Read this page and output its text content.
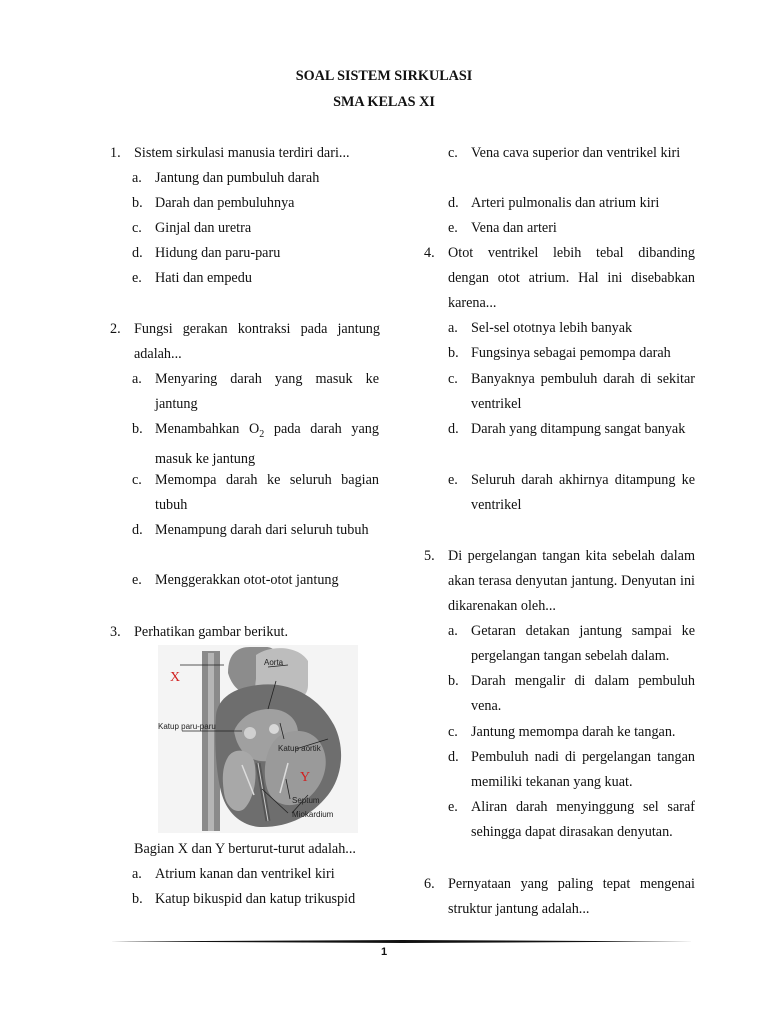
SOAL SISTEM SIRKULASI
SMA KELAS XI
1. Sistem sirkulasi manusia terdiri dari...
a. Jantung dan pumbuluh darah
b. Darah dan pembuluhnya
c. Ginjal dan uretra
d. Hidung dan paru-paru
e. Hati dan empedu
2. Fungsi gerakan kontraksi pada jantung adalah...
a. Menyaring darah yang masuk ke jantung
b. Menambahkan $O_2$ pada darah yang masuk ke jantung
c. Memompa darah ke seluruh bagian tubuh
d. Menampung darah dari seluruh tubuh
e. Menggerakkan otot-otot jantung
3. Perhatikan gambar berikut.
X
Y
Aorta
Katup paru-paru
Katup aortik
Septum
Miokardium
Bagian X dan Y berturut-turut adalah...
a. Atrium kanan dan ventrikel kiri
b. Katup bikuspid dan katup trikuspid
c. Vena cava superior dan ventrikel kiri
d. Arteri pulmonalis dan atrium kiri
e. Vena dan arteri
4. Otot ventrikel lebih tebal dibanding dengan otot atrium. Hal ini disebabkan karena...
a. Sel-sel ototnya lebih banyak
b. Fungsinya sebagai pemompa darah
c. Banyaknya pembuluh darah di sekitar ventrikel
d. Darah yang ditampung sangat banyak
e. Seluruh darah akhirnya ditampung ke ventrikel
5. Di pergelangan tangan kita sebelah dalam akan terasa denyutan jantung. Denyutan ini dikarenakan oleh...
a. Getaran detakan jantung sampai ke pergelangan tangan sebelah dalam.
b. Darah mengalir di dalam pembuluh vena.
c. Jantung memompa darah ke tangan.
d. Pembuluh nadi di pergelangan tangan memiliki tekanan yang kuat.
e. Aliran darah menyinggung sel saraf sehingga dapat dirasakan denyutan.
6. Pernyataan yang paling tepat mengenai struktur jantung adalah...
1
